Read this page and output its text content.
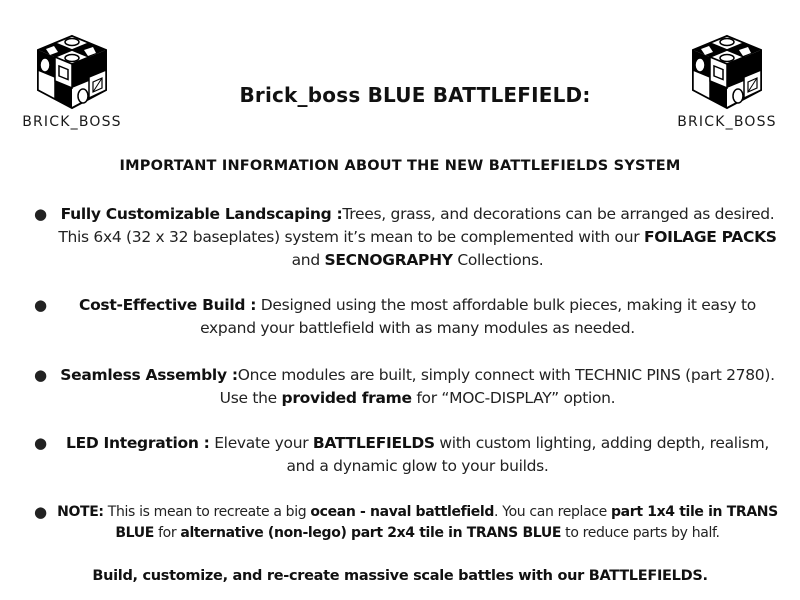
BRICK_BOSS	BRICK_BOSS
Brick_boss BLUE BATTLEFIELD:
IMPORTANT INFORMATION ABOUT THE NEW BATTLEFIELDS SYSTEM
● Fully Customizable Landscaping :Trees, grass, and decorations can be arranged as desired. This 6x4 (32 x 32 baseplates) system it’s mean to be complemented with our FOILAGE PACKS and SECNOGRAPHY Collections.
● Cost-Effective Build : Designed using the most affordable bulk pieces, making it easy to expand your battlefield with as many modules as needed.
● Seamless Assembly :Once modules are built, simply connect with TECHNIC PINS (part 2780). Use the provided frame for “MOC-DISPLAY” option.
● LED Integration : Elevate your BATTLEFIELDS with custom lighting, adding depth, realism, and a dynamic glow to your builds.
● NOTE: This is mean to recreate a big ocean - naval battlefield. You can replace part 1x4 tile in TRANS BLUE for alternative (non-lego) part 2x4 tile in TRANS BLUE to reduce parts by half.

Build, customize, and re-create massive scale battles with our BATTLEFIELDS.
